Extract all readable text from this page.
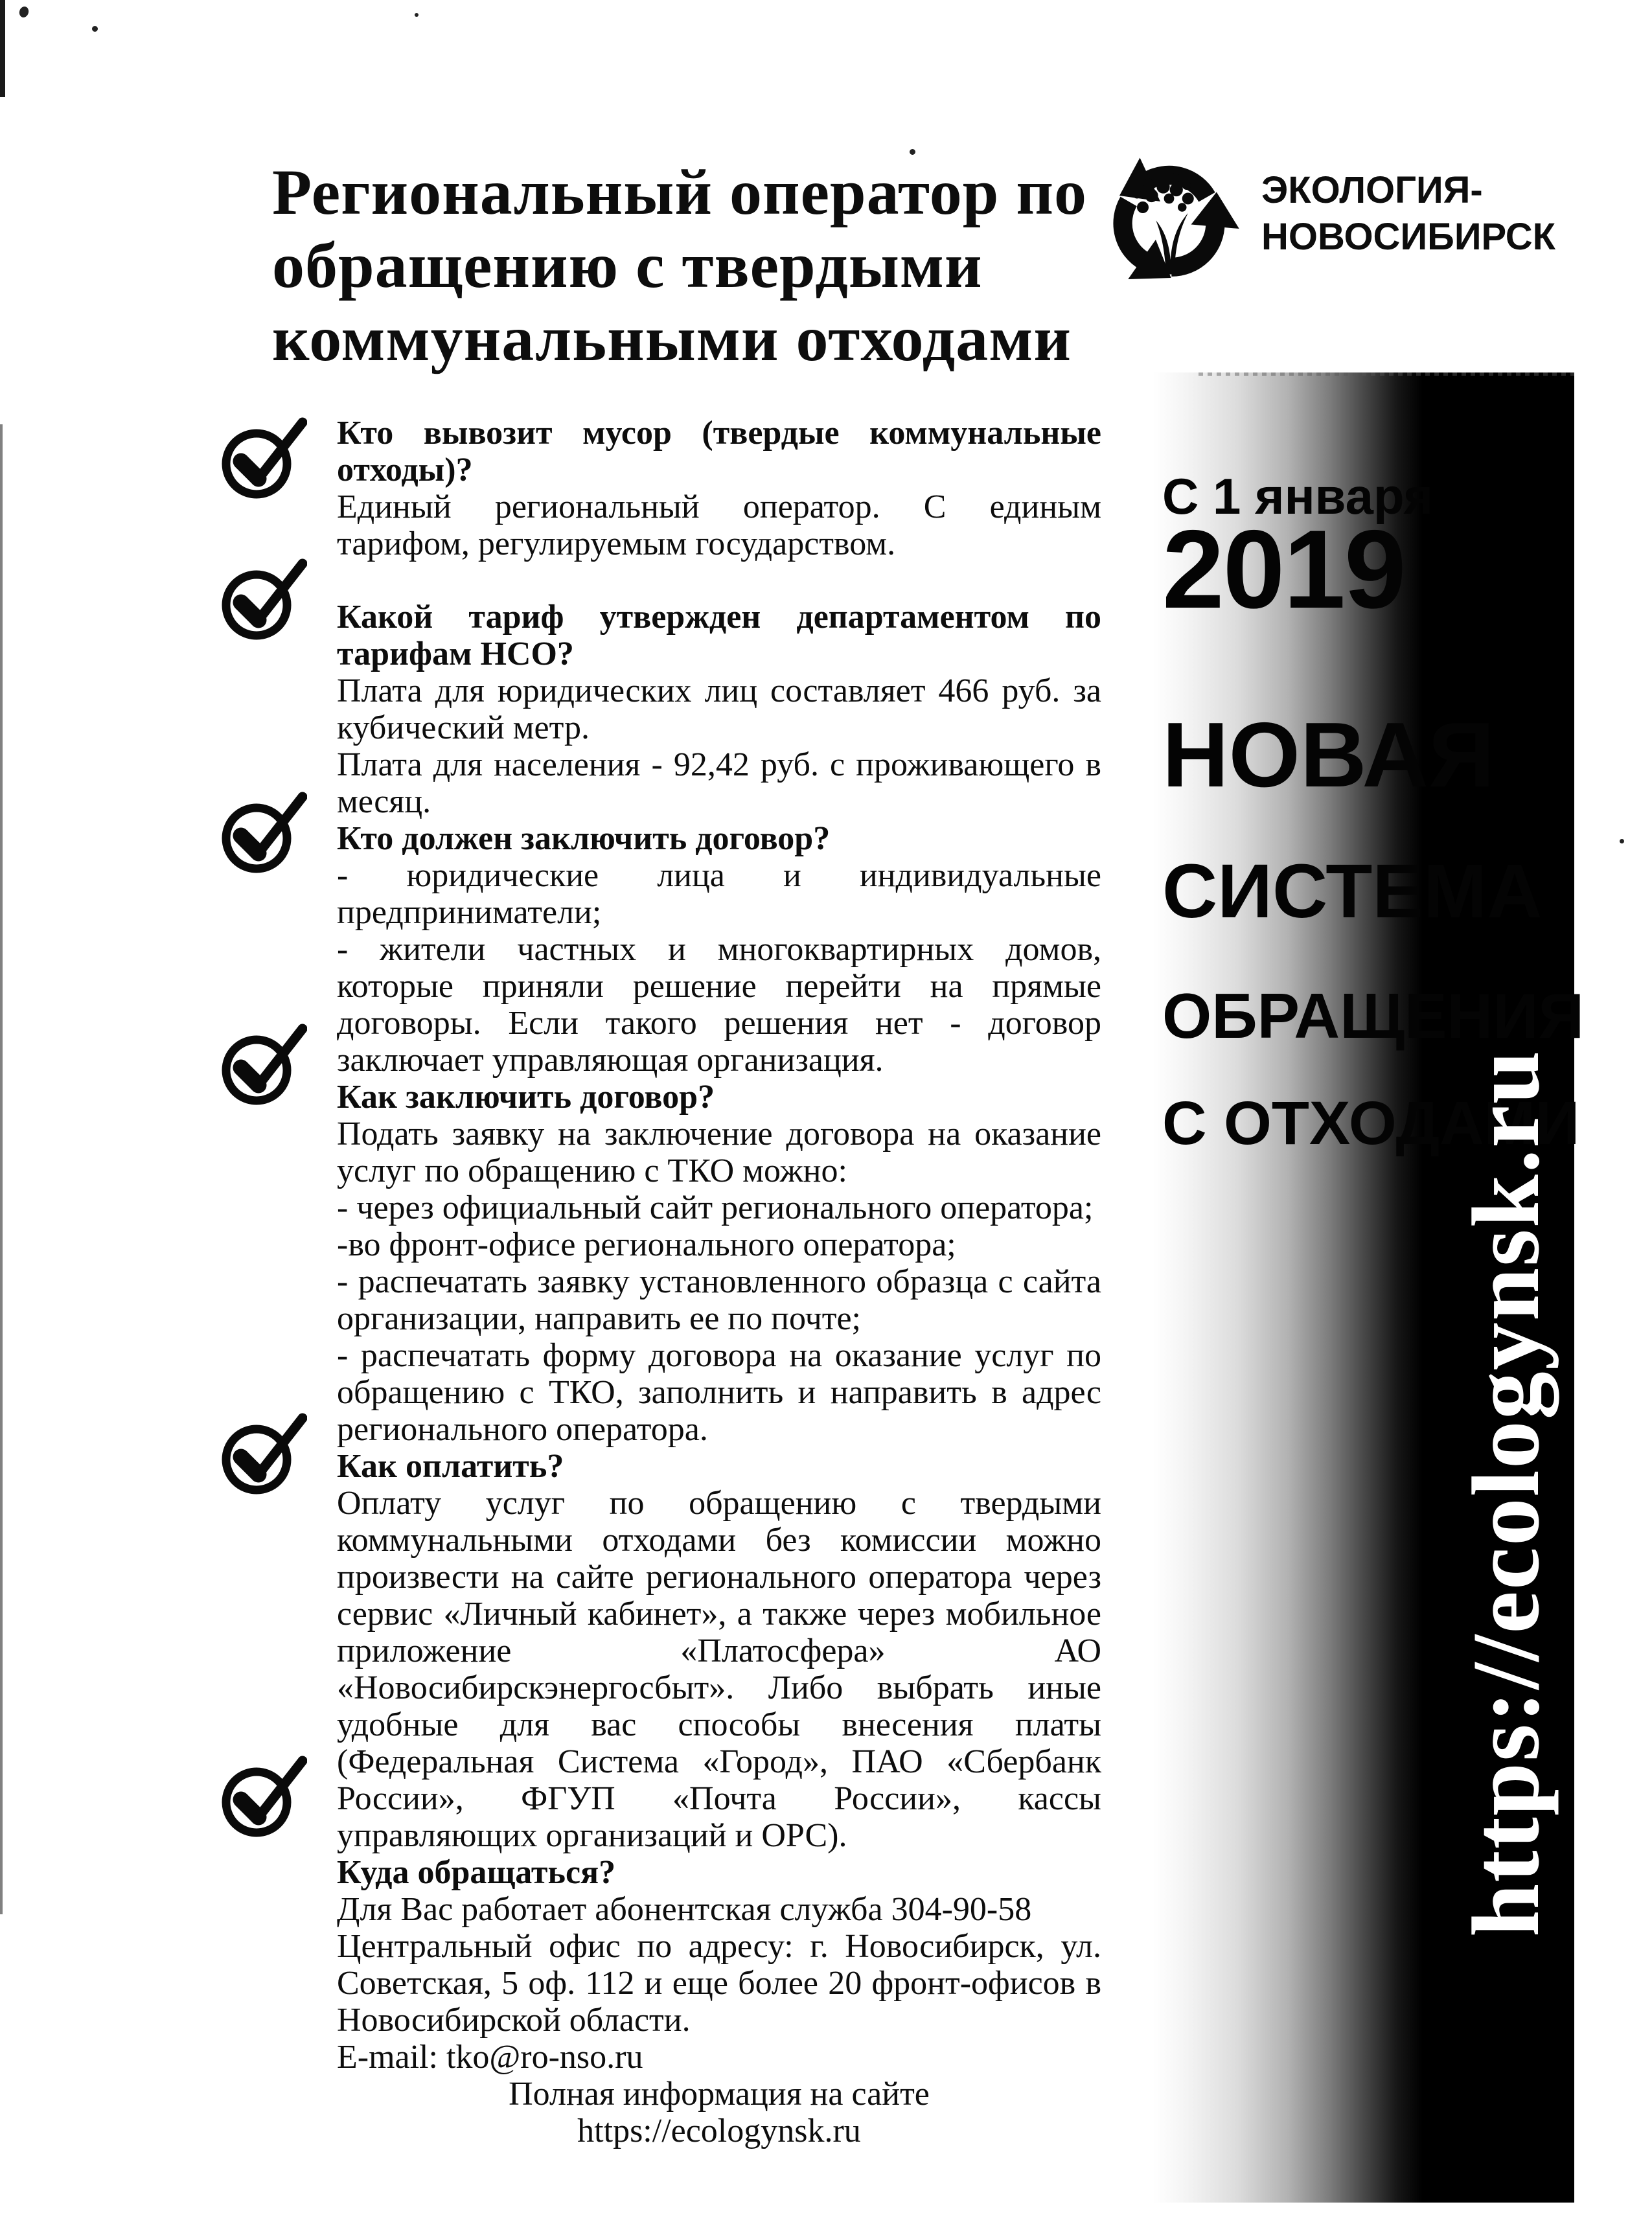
Региональный оператор по
обращению с твердыми
коммунальными отходами
ЭКОЛОГИЯ-
НОВОСИБИРСК
С 1 января
2019
НОВАЯ
СИСТЕМА
ОБРАЩЕНИЯ
С ОТХОДАМИ
https://ecologynsk.ru

Кто вывозит мусор (твердые коммунальные отходы)?

Единый региональный оператор. С единым тарифом, регулируемым государством.

Какой тариф утвержден департаментом по тарифам НСО?

Плата для юридических лиц составляет 466 руб. за кубический метр.

Плата для населения - 92,42 руб. с проживающего в месяц.

Кто должен заключить договор?

- юридические лица и индивидуальные предприниматели;

- жители частных и многоквартирных домов, которые приняли решение перейти на прямые договоры. Если такого решения нет - договор заключает управляющая организация.

Как заключить договор?

Подать заявку на заключение договора на оказание услуг по обращению с ТКО можно:

- через официальный сайт регионального оператора;

-во фронт-офисе регионального оператора;

- распечатать заявку установленного образца с сайта организации, направить ее по почте;

- распечатать форму договора на оказание услуг по обращению с ТКО, заполнить и направить в адрес регионального оператора.

Как оплатить?

Оплату услуг по обращению с твердыми коммунальными отходами без комиссии можно произвести на сайте регионального оператора через сервис «Личный кабинет», а также через мобильное приложение «Платосфера» АО «Новосибирскэнергосбыт». Либо выбрать иные удобные для вас способы внесения платы (Федеральная Система «Город», ПАО «Сбербанк России», ФГУП «Почта России», кассы управляющих организаций и ОРС).

Куда обращаться?

Для Вас работает абонентская служба 304-90-58

Центральный офис по адресу: г. Новосибирск, ул. Советская, 5 оф. 112 и еще более 20 фронт-офисов в Новосибирской области.

E-mail: tko@ro-nso.ru

Полная информация на сайте

https://ecologynsk.ru
